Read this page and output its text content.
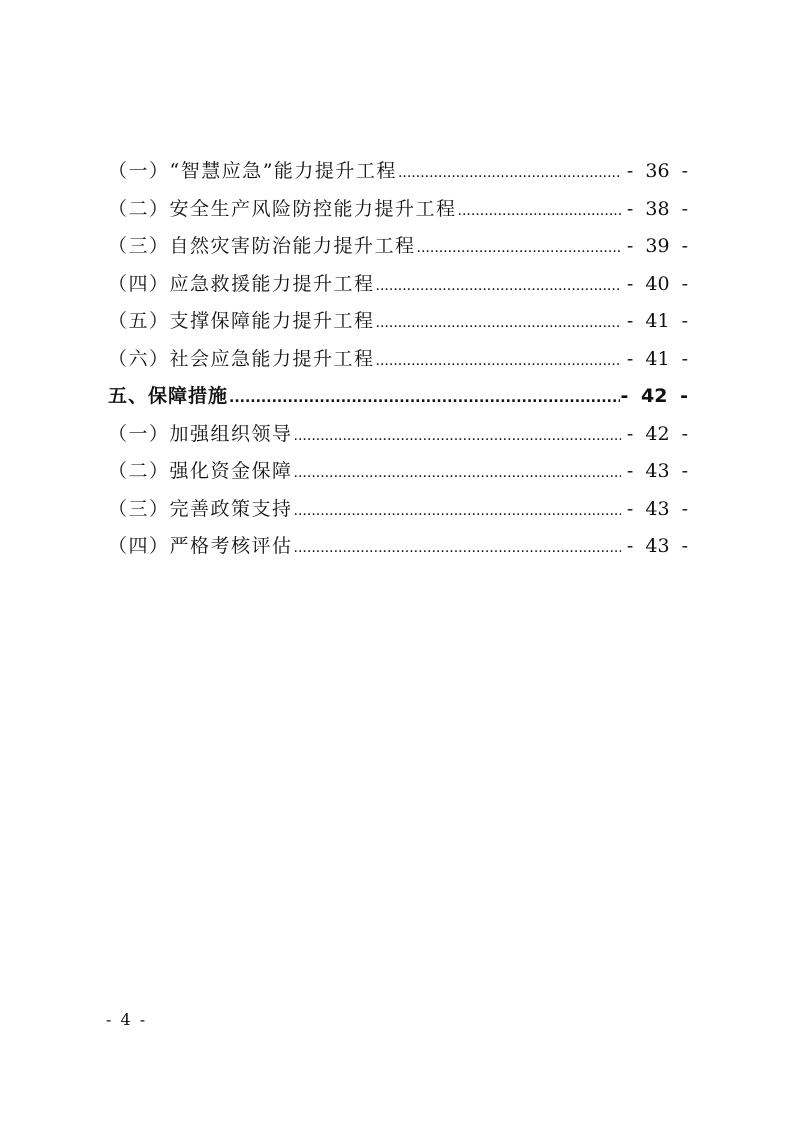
（一）“智慧应急”能力提升工程 .....	- 36 -
（二）安全生产风险防控能力提升工程 .....	- 38 -
（三）自然灾害防治能力提升工程 .....	- 39 -
（四）应急救援能力提升工程 .....	- 40 -
（五）支撑保障能力提升工程 .....	- 41 -
（六）社会应急能力提升工程 .....	- 41 -
五、保障措施 .....	- 42 -
（一）加强组织领导 .....	- 42 -
（二）强化资金保障 .....	- 43 -
（三）完善政策支持 .....	- 43 -
（四）严格考核评估 .....	- 43 -
- 4 -
